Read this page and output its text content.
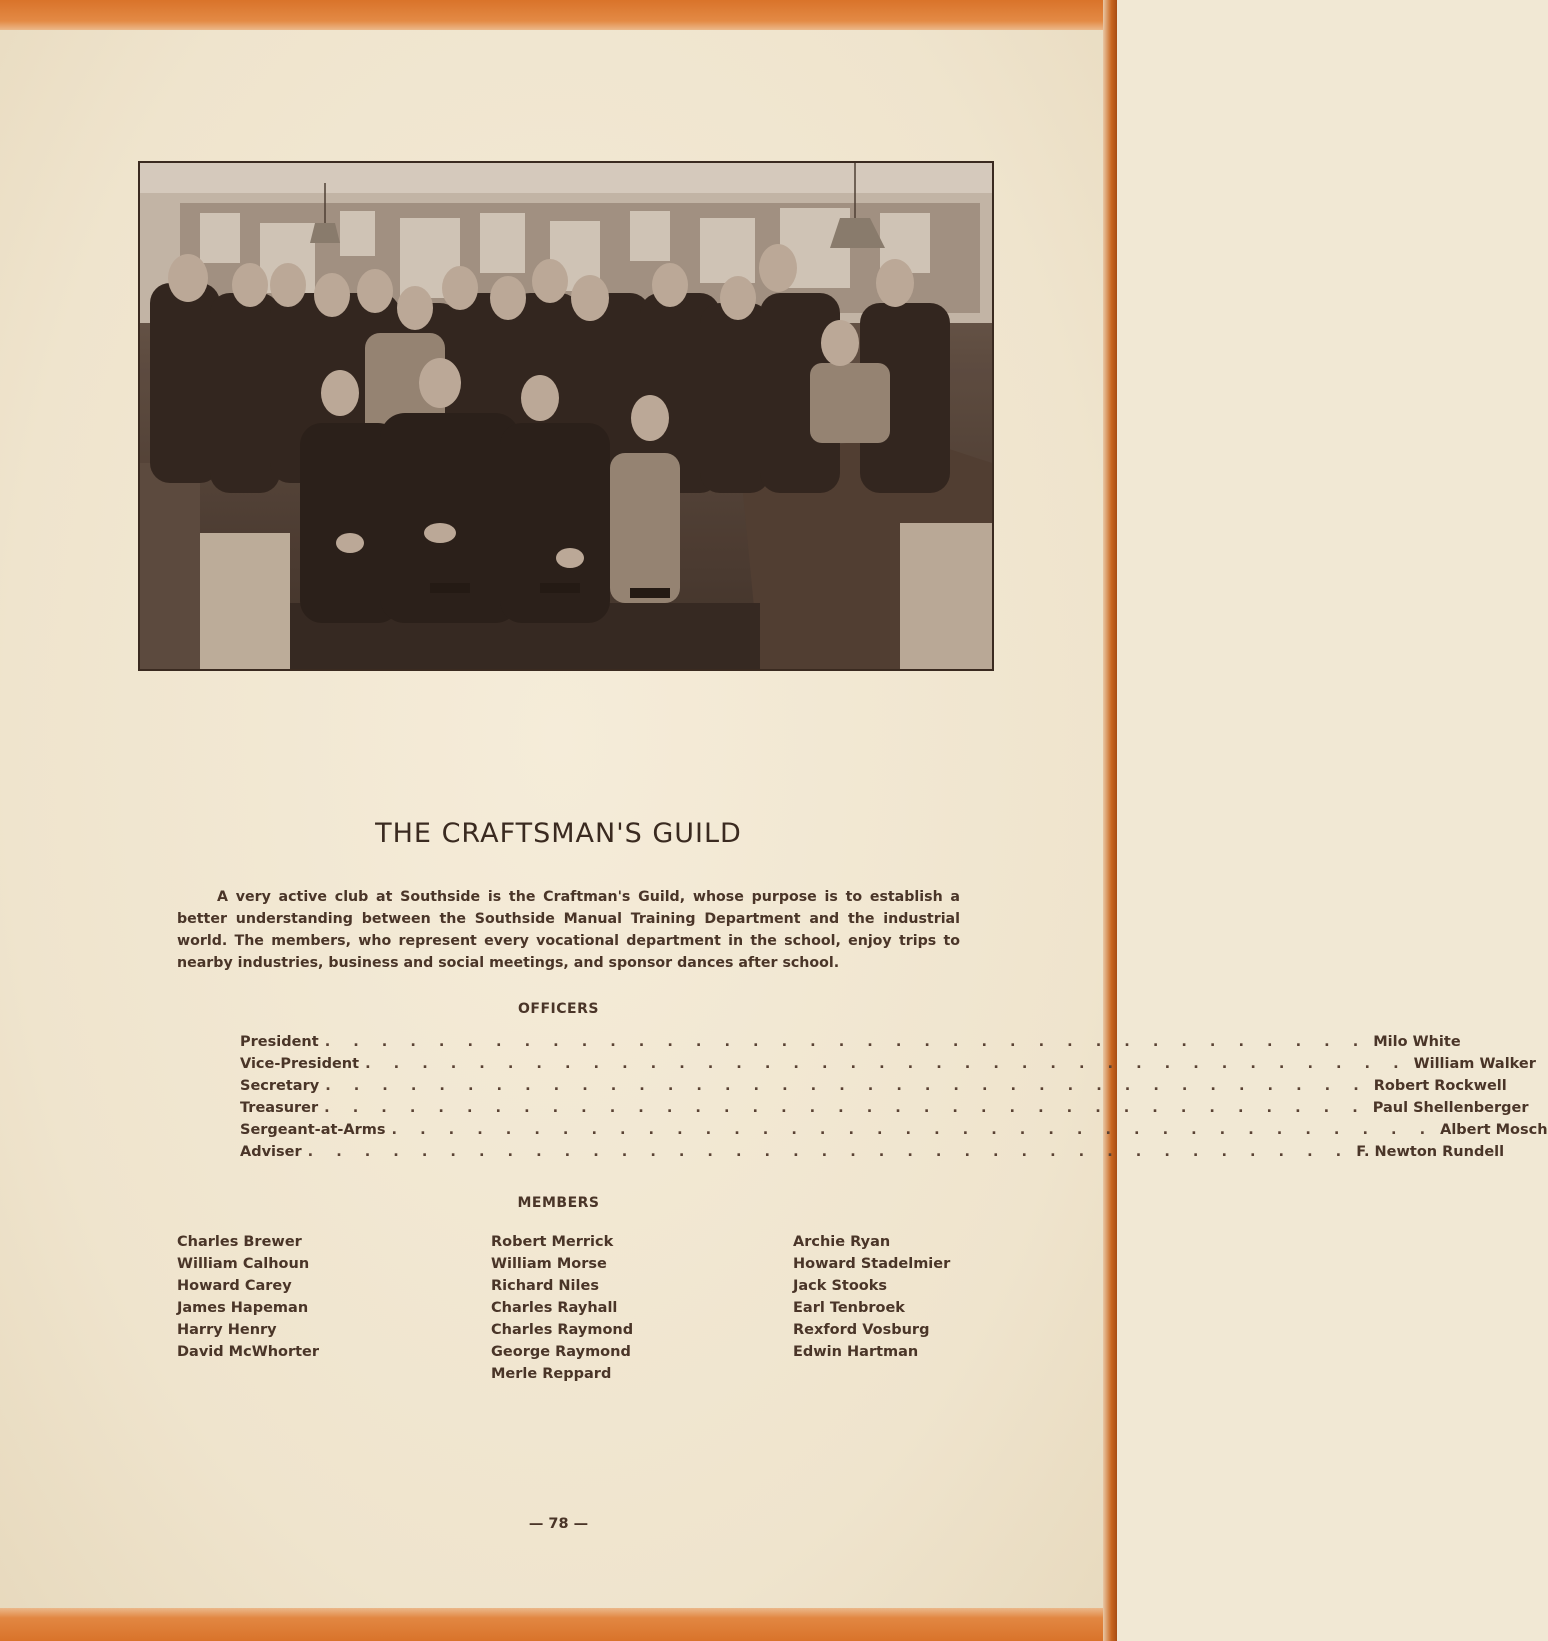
THE CRAFTSMAN'S GUILD

A very active club at Southside is the Craftman's Guild, whose purpose is to establish a better understanding between the Southside Manual Training Department and the industrial world. The members, who represent every vocational department in the school, enjoy trips to nearby industries, business and social meetings, and sponsor dances after school.

OFFICERS
President . . . . . . . . . . . . . . . . . . . . . . . . . . . . . . . . . . . . . Milo White
Vice-President . . . . . . . . . . . . . . . . . . . . . . . . . . . . . . . . . . . . . William Walker
Secretary . . . . . . . . . . . . . . . . . . . . . . . . . . . . . . . . . . . . . Robert Rockwell
Treasurer . . . . . . . . . . . . . . . . . . . . . . . . . . . . . . . . . . . . . Paul Shellenberger
Sergeant-at-Arms . . . . . . . . . . . . . . . . . . . . . . . . . . . . . . . . . . . . . Albert Mosch
Adviser . . . . . . . . . . . . . . . . . . . . . . . . . . . . . . . . . . . . . F. Newton Rundell
MEMBERS
Charles Brewer
William Calhoun
Howard Carey
James Hapeman
Harry Henry
David McWhorter
Robert Merrick
William Morse
Richard Niles
Charles Rayhall
Charles Raymond
George Raymond
Merle Reppard
Archie Ryan
Howard Stadelmier
Jack Stooks
Earl Tenbroek
Rexford Vosburg
Edwin Hartman
— 78 —
